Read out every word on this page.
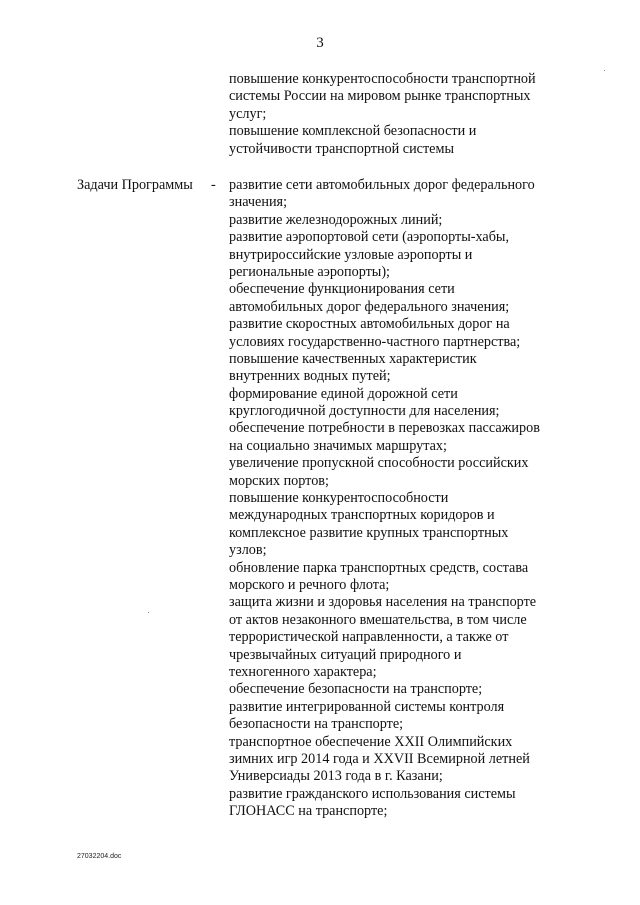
3
повышение конкурентоспособности транспортной
системы России на мировом рынке транспортных
услуг;
повышение комплексной безопасности и
устойчивости транспортной системы
Задачи Программы - развитие сети автомобильных дорог федерального
значения;
развитие железнодорожных линий;
развитие аэропортовой сети (аэропорты-хабы,
внутрироссийские узловые аэропорты и
региональные аэропорты);
обеспечение функционирования сети
автомобильных дорог федерального значения;
развитие скоростных автомобильных дорог на
условиях государственно-частного партнерства;
повышение качественных характеристик
внутренних водных путей;
формирование единой дорожной сети
круглогодичной доступности для населения;
обеспечение потребности в перевозках пассажиров
на социально значимых маршрутах;
увеличение пропускной способности российских
морских портов;
повышение конкурентоспособности
международных транспортных коридоров и
комплексное развитие крупных транспортных
узлов;
обновление парка транспортных средств, состава
морского и речного флота;
защита жизни и здоровья населения на транспорте
от актов незаконного вмешательства, в том числе
террористической направленности, а также от
чрезвычайных ситуаций природного и
техногенного характера;
обеспечение безопасности на транспорте;
развитие интегрированной системы контроля
безопасности на транспорте;
транспортное обеспечение XXII Олимпийских
зимних игр 2014 года и XXVII Всемирной летней
Универсиады 2013 года в г. Казани;
развитие гражданского использования системы
ГЛОНАСС на транспорте;
27032204.doc
